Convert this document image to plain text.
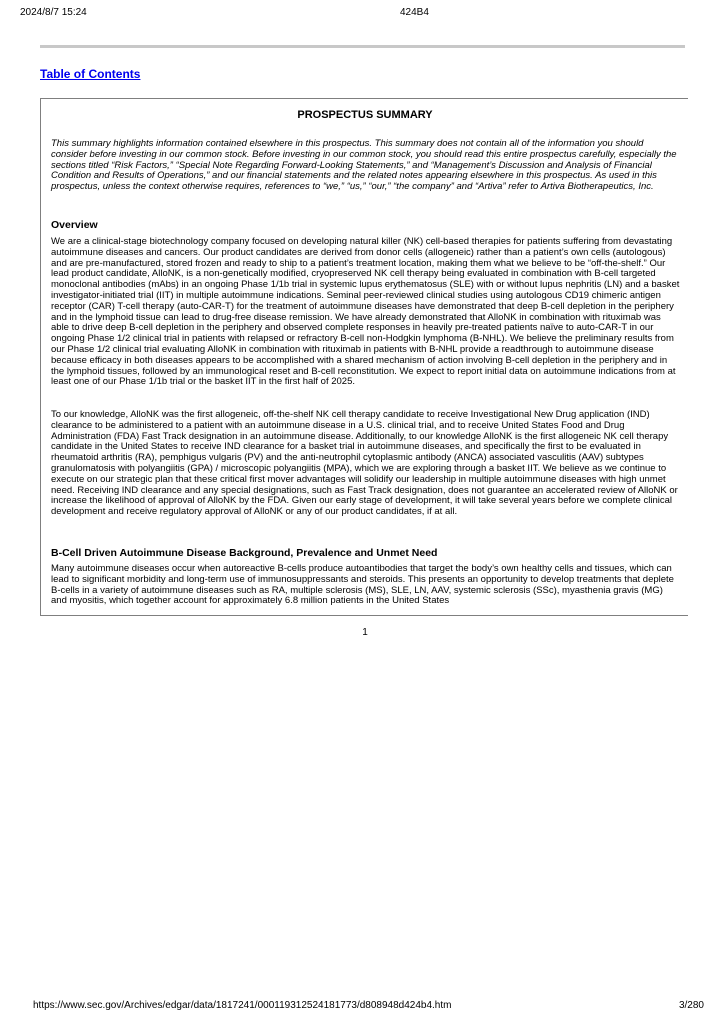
2024/8/7 15:24	424B4
Table of Contents
PROSPECTUS SUMMARY
This summary highlights information contained elsewhere in this prospectus. This summary does not contain all of the information you should consider before investing in our common stock. Before investing in our common stock, you should read this entire prospectus carefully, especially the sections titled “Risk Factors,” “Special Note Regarding Forward-Looking Statements,” and “Management’s Discussion and Analysis of Financial Condition and Results of Operations,” and our financial statements and the related notes appearing elsewhere in this prospectus. As used in this prospectus, unless the context otherwise requires, references to “we,” “us,” “our,” “the company” and “Artiva” refer to Artiva Biotherapeutics, Inc.
Overview
We are a clinical-stage biotechnology company focused on developing natural killer (NK) cell-based therapies for patients suffering from devastating autoimmune diseases and cancers. Our product candidates are derived from donor cells (allogeneic) rather than a patient’s own cells (autologous) and are pre-manufactured, stored frozen and ready to ship to a patient’s treatment location, making them what we believe to be “off-the-shelf.” Our lead product candidate, AlloNK, is a non-genetically modified, cryopreserved NK cell therapy being evaluated in combination with B-cell targeted monoclonal antibodies (mAbs) in an ongoing Phase 1/1b trial in systemic lupus erythematosus (SLE) with or without lupus nephritis (LN) and a basket investigator-initiated trial (IIT) in multiple autoimmune indications. Seminal peer-reviewed clinical studies using autologous CD19 chimeric antigen receptor (CAR) T-cell therapy (auto-CAR-T) for the treatment of autoimmune diseases have demonstrated that deep B-cell depletion in the periphery and in the lymphoid tissue can lead to drug-free disease remission. We have already demonstrated that AlloNK in combination with rituximab was able to drive deep B-cell depletion in the periphery and observed complete responses in heavily pre-treated patients naïve to auto-CAR-T in our ongoing Phase 1/2 clinical trial in patients with relapsed or refractory B-cell non-Hodgkin lymphoma (B-NHL). We believe the preliminary results from our Phase 1/2 clinical trial evaluating AlloNK in combination with rituximab in patients with B-NHL provide a readthrough to autoimmune disease because efficacy in both diseases appears to be accomplished with a shared mechanism of action involving B-cell depletion in the periphery and in the lymphoid tissues, followed by an immunological reset and B-cell reconstitution. We expect to report initial data on autoimmune indications from at least one of our Phase 1/1b trial or the basket IIT in the first half of 2025.
To our knowledge, AlloNK was the first allogeneic, off-the-shelf NK cell therapy candidate to receive Investigational New Drug application (IND) clearance to be administered to a patient with an autoimmune disease in a U.S. clinical trial, and to receive United States Food and Drug Administration (FDA) Fast Track designation in an autoimmune disease. Additionally, to our knowledge AlloNK is the first allogeneic NK cell therapy candidate in the United States to receive IND clearance for a basket trial in autoimmune diseases, and specifically the first to be evaluated in rheumatoid arthritis (RA), pemphigus vulgaris (PV) and the anti-neutrophil cytoplasmic antibody (ANCA) associated vasculitis (AAV) subtypes granulomatosis with polyangiitis (GPA) / microscopic polyangiitis (MPA), which we are exploring through a basket IIT. We believe as we continue to execute on our strategic plan that these critical first mover advantages will solidify our leadership in multiple autoimmune diseases with high unmet need. Receiving IND clearance and any special designations, such as Fast Track designation, does not guarantee an accelerated review of AlloNK or increase the likelihood of approval of AlloNK by the FDA. Given our early stage of development, it will take several years before we complete clinical development and receive regulatory approval of AlloNK or any of our product candidates, if at all.
B-Cell Driven Autoimmune Disease Background, Prevalence and Unmet Need
Many autoimmune diseases occur when autoreactive B-cells produce autoantibodies that target the body’s own healthy cells and tissues, which can lead to significant morbidity and long-term use of immunosuppressants and steroids. This presents an opportunity to develop treatments that deplete B-cells in a variety of autoimmune diseases such as RA, multiple sclerosis (MS), SLE, LN, AAV, systemic sclerosis (SSc), myasthenia gravis (MG) and myositis, which together account for approximately 6.8 million patients in the United States
1
https://www.sec.gov/Archives/edgar/data/1817241/000119312524181773/d808948d424b4.htm	3/280
